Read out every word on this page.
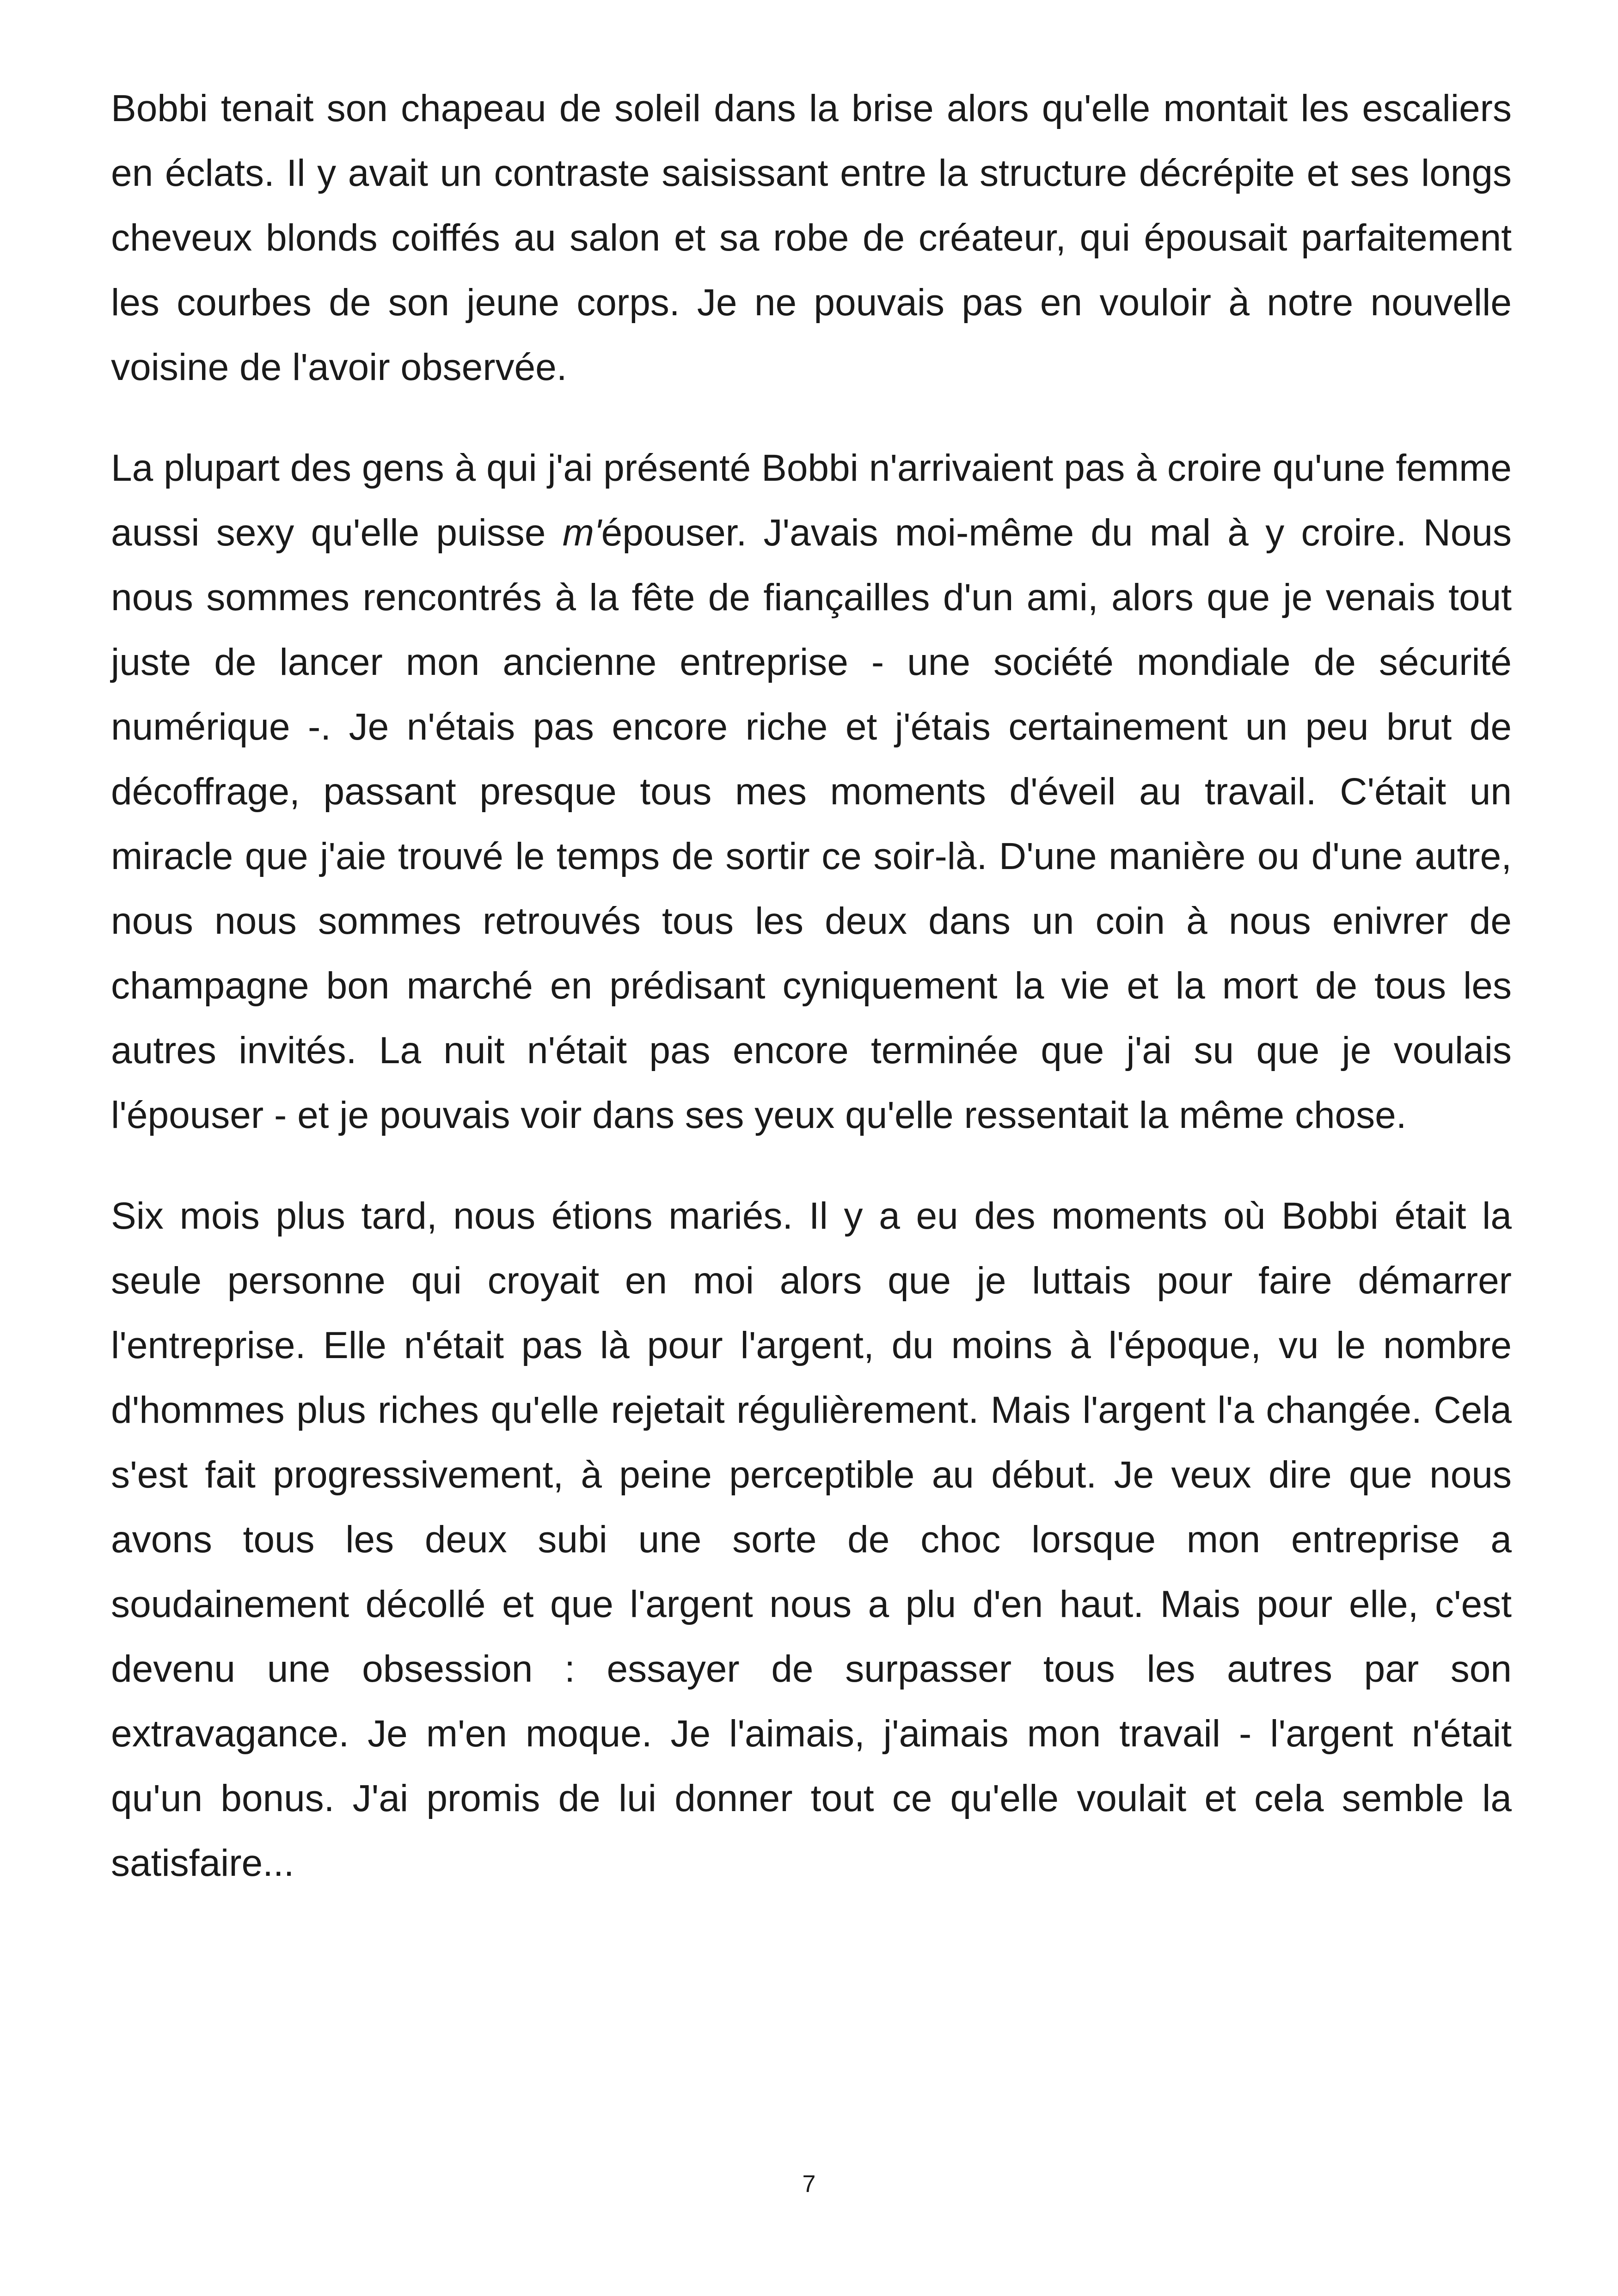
Bobbi tenait son chapeau de soleil dans la brise alors qu'elle montait les escaliers en éclats. Il y avait un contraste saisissant entre la structure décrépite et ses longs cheveux blonds coiffés au salon et sa robe de créateur, qui épousait parfaitement les courbes de son jeune corps. Je ne pouvais pas en vouloir à notre nouvelle voisine de l'avoir observée.

La plupart des gens à qui j'ai présenté Bobbi n'arrivaient pas à croire qu'une femme aussi sexy qu'elle puisse m'épouser. J'avais moi-même du mal à y croire. Nous nous sommes rencontrés à la fête de fiançailles d'un ami, alors que je venais tout juste de lancer mon ancienne entreprise - une société mondiale de sécurité numérique -. Je n'étais pas encore riche et j'étais certainement un peu brut de décoffrage, passant presque tous mes moments d'éveil au travail. C'était un miracle que j'aie trouvé le temps de sortir ce soir-là. D'une manière ou d'une autre, nous nous sommes retrouvés tous les deux dans un coin à nous enivrer de champagne bon marché en prédisant cyniquement la vie et la mort de tous les autres invités. La nuit n'était pas encore terminée que j'ai su que je voulais l'épouser - et je pouvais voir dans ses yeux qu'elle ressentait la même chose.

Six mois plus tard, nous étions mariés. Il y a eu des moments où Bobbi était la seule personne qui croyait en moi alors que je luttais pour faire démarrer l'entreprise. Elle n'était pas là pour l'argent, du moins à l'époque, vu le nombre d'hommes plus riches qu'elle rejetait régulièrement. Mais l'argent l'a changée. Cela s'est fait progressivement, à peine perceptible au début. Je veux dire que nous avons tous les deux subi une sorte de choc lorsque mon entreprise a soudainement décollé et que l'argent nous a plu d'en haut. Mais pour elle, c'est devenu une obsession : essayer de surpasser tous les autres par son extravagance. Je m'en moque. Je l'aimais, j'aimais mon travail - l'argent n'était qu'un bonus. J'ai promis de lui donner tout ce qu'elle voulait et cela semble la satisfaire...

7
